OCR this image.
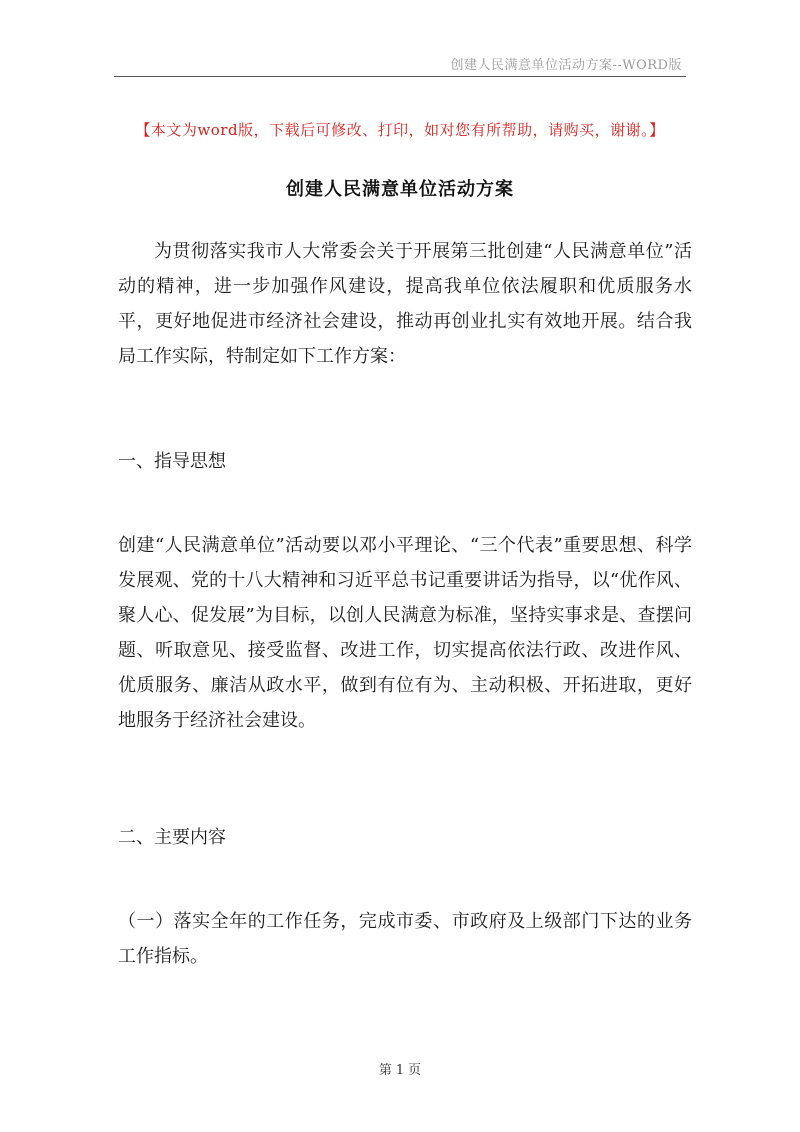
创建人民满意单位活动方案--WORD版
【本文为word版，下载后可修改、打印，如对您有所帮助，请购买，谢谢。】
创建人民满意单位活动方案

为贯彻落实我市人大常委会关于开展第三批创建“人民满意单位”活动的精神，进一步加强作风建设，提高我单位依法履职和优质服务水平，更好地促进市经济社会建设，推动再创业扎实有效地开展。结合我局工作实际，特制定如下工作方案：

一、指导思想

创建“人民满意单位”活动要以邓小平理论、“三个代表”重要思想、科学发展观、党的十八大精神和习近平总书记重要讲话为指导，以“优作风、聚人心、促发展”为目标，以创人民满意为标准，坚持实事求是、查摆问题、听取意见、接受监督、改进工作，切实提高依法行政、改进作风、优质服务、廉洁从政水平，做到有位有为、主动积极、开拓进取，更好地服务于经济社会建设。

二、主要内容

（一）落实全年的工作任务，完成市委、市政府及上级部门下达的业务工作指标。

第 1 页
